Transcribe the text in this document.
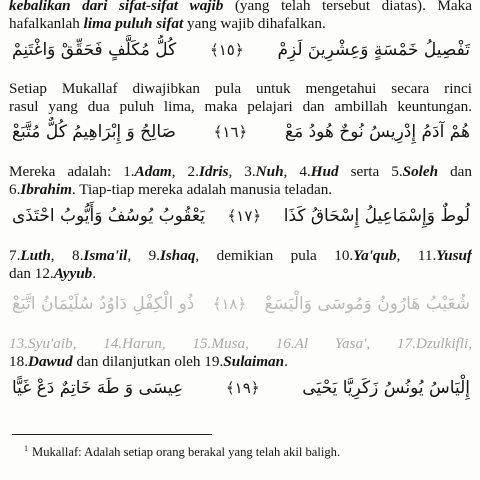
kebalikan dari sifat-sifat wajib (yang telah tersebut diatas). Maka
hafalkanlah lima puluh sifat yang wajib dihafalkan.
تَفْصِيلُ خَمْسَةٍ وَعِشْرِينَ لَزِمْ
﴿١٥﴾
كُلُّ مُكَلَّفٍ فَحَقِّقْ وَاغْتَنِمْ
Setiap Mukallaf diwajibkan pula untuk mengetahui secara rinci
rasul yang dua puluh lima, maka pelajari dan ambillah keuntungan.
هُمْ آدَمُ إِدْرِيسُ نُوحٌ هُودُ مَعْ
﴿١٦﴾
صَالِحُ وَ إِبْرَاهِيمُ كُلٌّ مُتَّبَعْ
Mereka adalah: 1.Adam, 2.Idris, 3.Nuh, 4.Hud serta 5.Soleh dan
6.Ibrahim. Tiap-tiap mereka adalah manusia teladan.
لُوطٌ وَإِسْمَاعِيلُ إِسْحَاقُ كَذَا
﴿١٧﴾
يَعْقُوبُ يُوسُفُ وَأَيُّوبُ احْتَذَى
7.Luth, 8.Isma'il, 9.Ishaq, demikian pula 10.Ya'qub, 11.Yusuf
dan 12.Ayyub.
شُعَيْبُ هَارُونُ وَمُوسَى وَالْيَسَعْ
﴿١٨﴾
ذُو الْكِفْلِ دَاوُدُ سُلَيْمَانُ اتَّبَعْ
13.Syu'aib, 14.Harun, 15.Musa, 16.Al Yasa', 17.Dzulkifli,
18.Dawud dan dilanjutkan oleh 19.Sulaiman.
إِلْيَاسُ يُونُسُ زَكَرِيَّا يَحْيَى
﴿١٩﴾
عِيسَى وَ طَهَ خَاتِمٌ دَعْ غَيًّا
$^1$ Mukallaf: Adalah setiap orang berakal yang telah akil baligh.
